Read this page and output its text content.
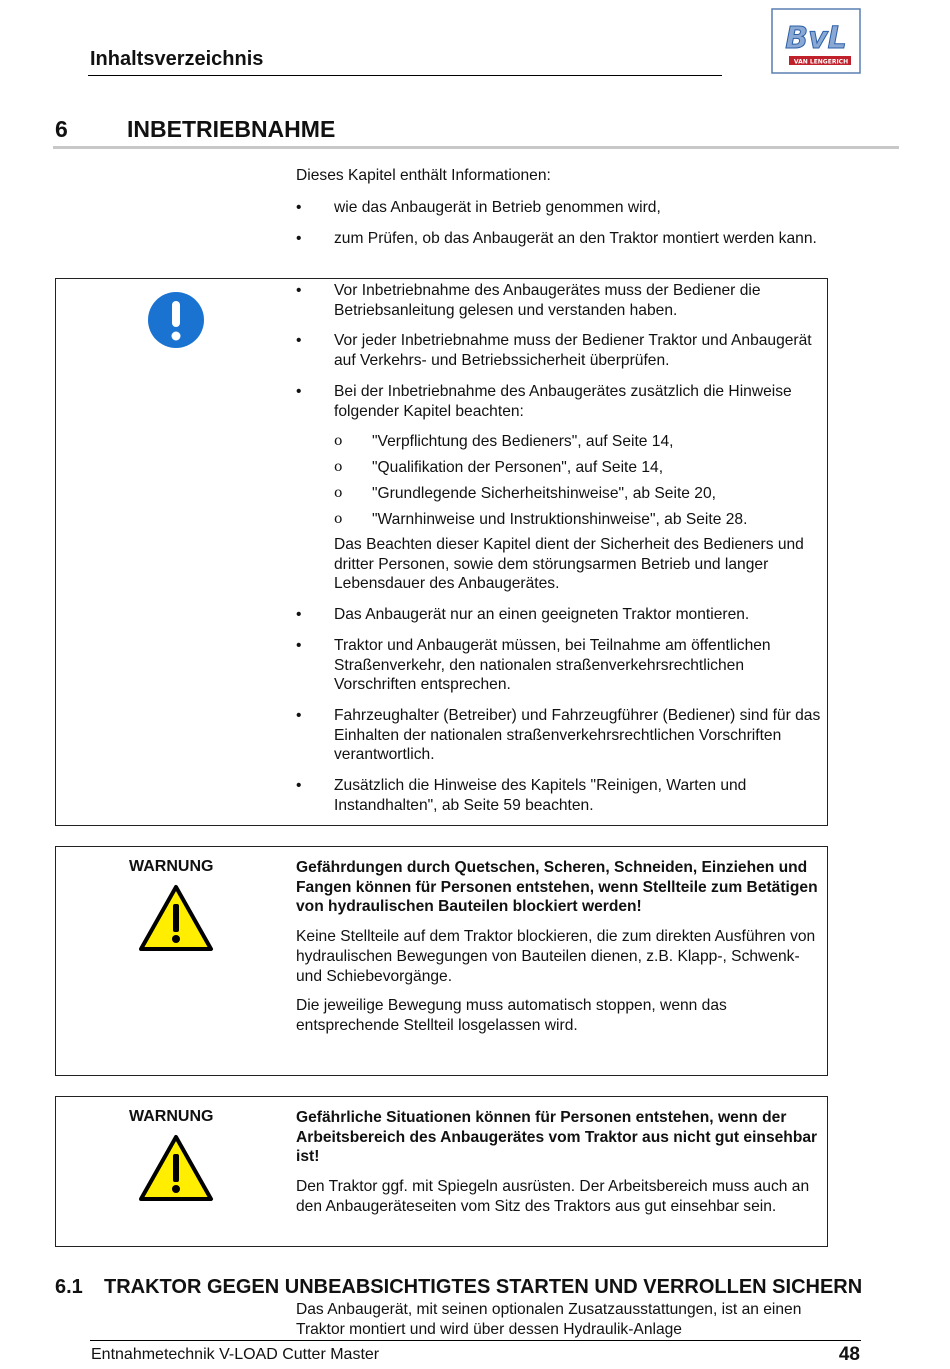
Inhaltsverzeichnis
BvL
VAN LENGERICH
6	INBETRIEBNAHME
Dieses Kapitel enthält Informationen:
• wie das Anbaugerät in Betrieb genommen wird,
• zum Prüfen, ob das Anbaugerät an den Traktor montiert werden kann.
• Vor Inbetriebnahme des Anbaugerätes muss der Bediener die Betriebsanleitung gelesen und verstanden haben.
• Vor jeder Inbetriebnahme muss der Bediener Traktor und Anbaugerät auf Verkehrs- und Betriebssicherheit überprüfen.
• Bei der Inbetriebnahme des Anbaugerätes zusätzlich die Hinweise folgender Kapitel beachten:
ο "Verpflichtung des Bedieners", auf Seite 14,
ο "Qualifikation der Personen", auf Seite 14,
ο "Grundlegende Sicherheitshinweise", ab Seite 20,
ο "Warnhinweise und Instruktionshinweise", ab Seite 28.
Das Beachten dieser Kapitel dient der Sicherheit des Bedieners und dritter Personen, sowie dem störungsarmen Betrieb und langer Lebensdauer des Anbaugerätes.
• Das Anbaugerät nur an einen geeigneten Traktor montieren.
• Traktor und Anbaugerät müssen, bei Teilnahme am öffentlichen Straßenverkehr, den nationalen straßenverkehrsrechtlichen Vorschriften entsprechen.
• Fahrzeughalter (Betreiber) und Fahrzeugführer (Bediener) sind für das Einhalten der nationalen straßenverkehrsrechtlichen Vorschriften verantwortlich.
• Zusätzlich die Hinweise des Kapitels "Reinigen, Warten und Instandhalten", ab Seite 59 beachten.
WARNUNG	Gefährdungen durch Quetschen, Scheren, Schneiden, Einziehen und Fangen können für Personen entstehen, wenn Stellteile zum Betätigen von hydraulischen Bauteilen blockiert werden!
Keine Stellteile auf dem Traktor blockieren, die zum direkten Ausführen von hydraulischen Bewegungen von Bauteilen dienen, z.B. Klapp-, Schwenk- und Schiebevorgänge.
Die jeweilige Bewegung muss automatisch stoppen, wenn das entsprechende Stellteil losgelassen wird.
WARNUNG	Gefährliche Situationen können für Personen entstehen, wenn der Arbeitsbereich des Anbaugerätes vom Traktor aus nicht gut einsehbar ist!
Den Traktor ggf. mit Spiegeln ausrüsten. Der Arbeitsbereich muss auch an den Anbaugeräteseiten vom Sitz des Traktors aus gut einsehbar sein.
6.1 TRAKTOR GEGEN UNBEABSICHTIGTES STARTEN UND VERROLLEN SICHERN
Das Anbaugerät, mit seinen optionalen Zusatzausstattungen, ist an einen Traktor montiert und wird über dessen Hydraulik-Anlage
Entnahmetechnik V-LOAD Cutter Master	48
